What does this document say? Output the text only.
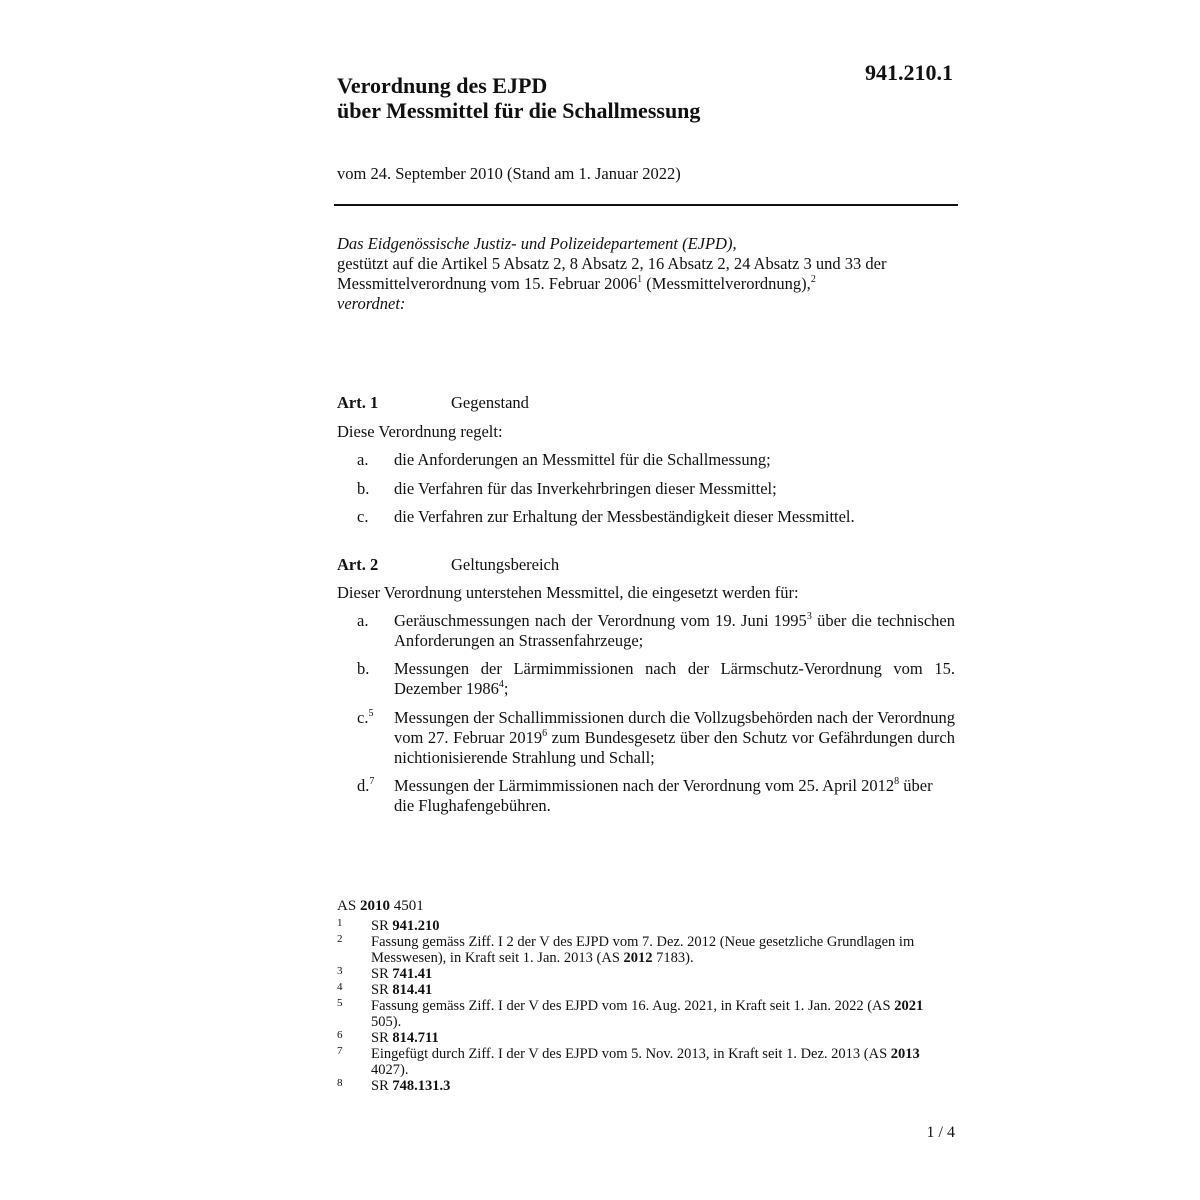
941.210.1
Verordnung des EJPD
über Messmittel für die Schallmessung
vom 24. September 2010 (Stand am 1. Januar 2022)

Das Eidgenössische Justiz- und Polizeidepartement (EJPD),

gestützt auf die Artikel 5 Absatz 2, 8 Absatz 2, 16 Absatz 2, 24 Absatz 3 und 33 der Messmittelverordnung vom 15. Februar 2006$^1$ (Messmittelverordnung),$^2$

verordnet:

Art. 1	Gegenstand
Diese Verordnung regelt:
a.	die Anforderungen an Messmittel für die Schallmessung;
b.	die Verfahren für das Inverkehrbringen dieser Messmittel;
c.	die Verfahren zur Erhaltung der Messbeständigkeit dieser Messmittel.
Art. 2	Geltungsbereich
Dieser Verordnung unterstehen Messmittel, die eingesetzt werden für:
a.	Geräuschmessungen nach der Verordnung vom 19. Juni 1995$^3$ über die technischen Anforderungen an Strassenfahrzeuge;
b.	Messungen der Lärmimmissionen nach der Lärmschutz-Verordnung vom 15. Dezember 1986$^4$;
c.$^5$	Messungen der Schallimmissionen durch die Vollzugsbehörden nach der Verordnung vom 27. Februar 2019$^6$ zum Bundesgesetz über den Schutz vor Gefährdungen durch nichtionisierende Strahlung und Schall;
d.$^7$	Messungen der Lärmimmissionen nach der Verordnung vom 25. April 2012$^8$ über die Flughafengebühren.
AS 2010 4501
1 SR 941.210
2 Fassung gemäss Ziff. I 2 der V des EJPD vom 7. Dez. 2012 (Neue gesetzliche Grundlagen im Messwesen), in Kraft seit 1. Jan. 2013 (AS 2012 7183).
3 SR 741.41
4 SR 814.41
5 Fassung gemäss Ziff. I der V des EJPD vom 16. Aug. 2021, in Kraft seit 1. Jan. 2022 (AS 2021 505).
6 SR 814.711
7 Eingefügt durch Ziff. I der V des EJPD vom 5. Nov. 2013, in Kraft seit 1. Dez. 2013 (AS 2013 4027).
8 SR 748.131.3
1 / 4
